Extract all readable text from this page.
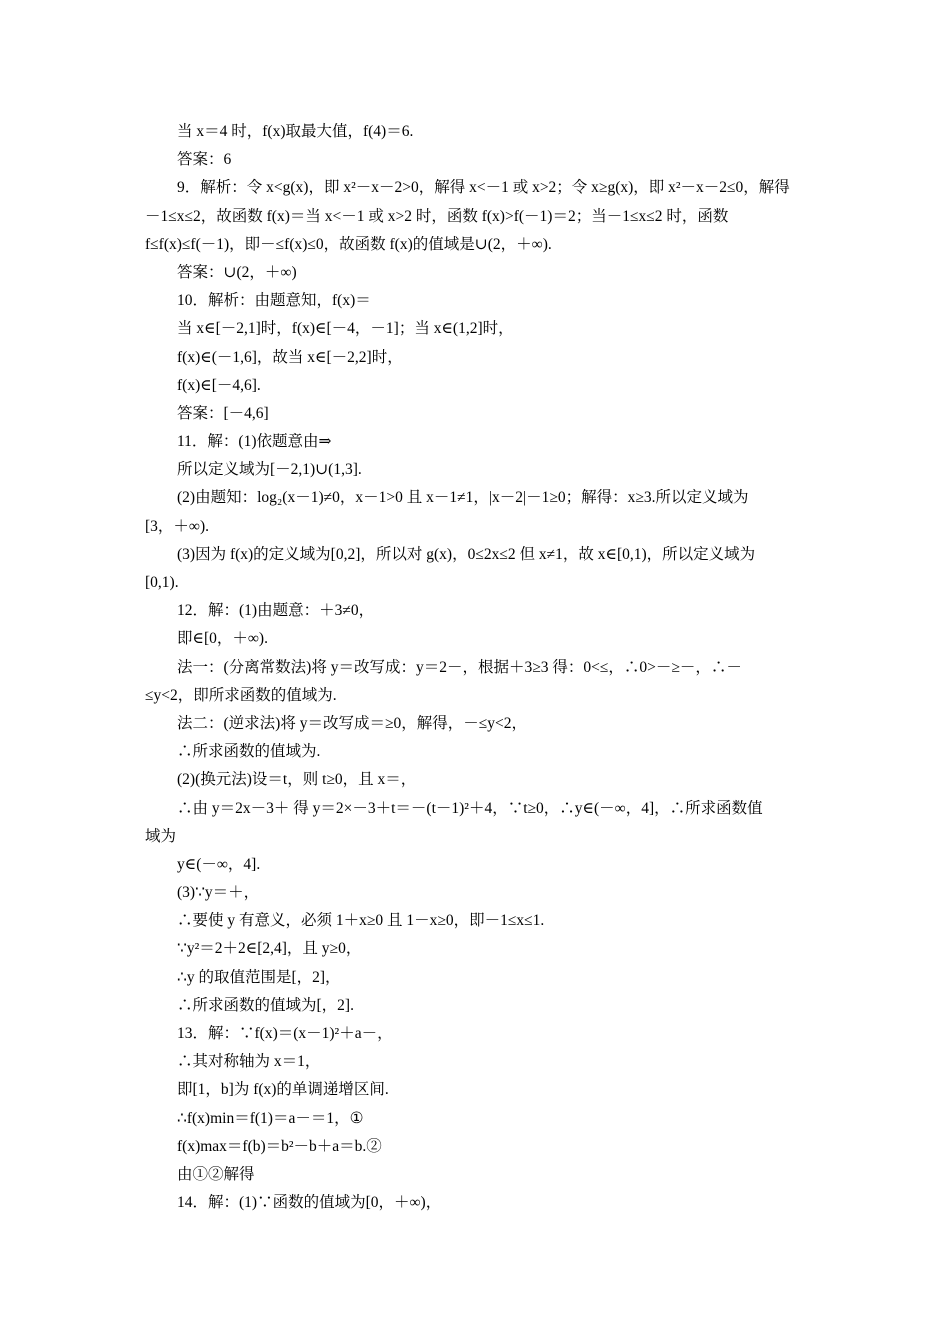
当 x＝4 时，f(x)取最大值，f(4)＝6.
答案：6
9．解析：令 x<g(x)，即 x²－x－2>0，解得 x<－1 或 x>2；令 x≥g(x)，即 x²－x－2≤0，解得
－1≤x≤2，故函数 f(x)＝当 x<－1 或 x>2 时，函数 f(x)>f(－1)＝2；当－1≤x≤2 时，函数
f≤f(x)≤f(－1)，即－≤f(x)≤0，故函数 f(x)的值域是∪(2，＋∞).
答案：∪(2，＋∞)
10．解析：由题意知，f(x)＝
当 x∈[－2,1]时，f(x)∈[－4，－1]；当 x∈(1,2]时，
f(x)∈(－1,6]，故当 x∈[－2,2]时，
f(x)∈[－4,6].
答案：[－4,6]
11．解：(1)依题意由⇒
所以定义域为[－2,1)∪(1,3].
(2)由题知：log₂(x－1)≠0，x－1>0 且 x－1≠1，|x－2|－1≥0；解得：x≥3.所以定义域为
[3，＋∞).
(3)因为 f(x)的定义域为[0,2]，所以对 g(x)，0≤2x≤2 但 x≠1，故 x∈[0,1)，所以定义域为
[0,1).
12．解：(1)由题意：＋3≠0，
即∈[0，＋∞).
法一：(分离常数法)将 y＝改写成：y＝2－，根据＋3≥3 得：0<≤，∴0>－≥－，∴－
≤y<2，即所求函数的值域为.
法二：(逆求法)将 y＝改写成＝≥0，解得，－≤y<2，
∴所求函数的值域为.
(2)(换元法)设＝t，则 t≥0，且 x＝，
∴由 y＝2x－3＋ 得 y＝2×－3＋t＝－(t－1)²＋4，∵t≥0，∴y∈(－∞，4]，∴所求函数值
域为
y∈(－∞，4].
(3)∵y＝＋，
∴要使 y 有意义，必须 1＋x≥0 且 1－x≥0，即－1≤x≤1.
∵y²＝2＋2∈[2,4]，且 y≥0，
∴y 的取值范围是[，2]，
∴所求函数的值域为[，2].
13．解：∵f(x)＝(x－1)²＋a－，
∴其对称轴为 x＝1，
即[1，b]为 f(x)的单调递增区间.
∴f(x)min＝f(1)＝a－＝1，①
f(x)max＝f(b)＝b²－b＋a＝b.②
由①②解得
14．解：(1)∵函数的值域为[0，＋∞)，
